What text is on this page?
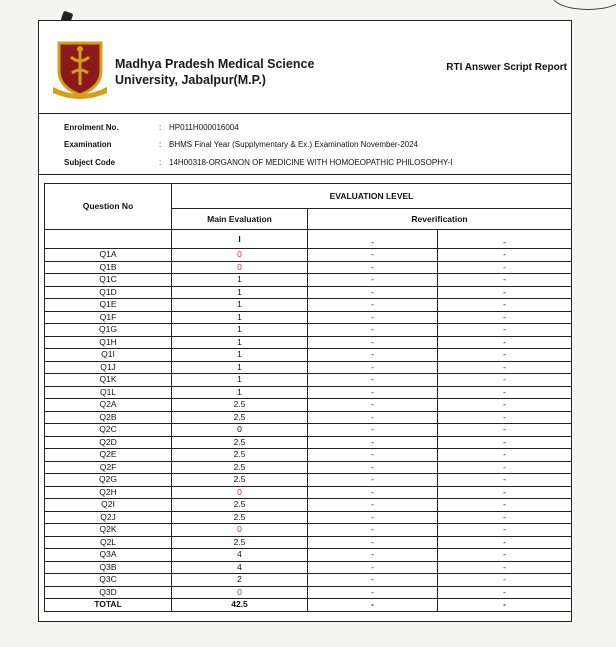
Madhya Pradesh Medical Science
University, Jabalpur(M.P.)
RTI Answer Script Report
Enrolment No.	: HP011H000016004
Examination	: BHMS Final Year (Supplymentary & Ex.) Examination November-2024
Subject Code	: 14H00318-ORGANON OF MEDICINE WITH HOMOEOPATHIC PHILOSOPHY-I
Question No	EVALUATION LEVEL		
	Main Evaluation	Reverification	
	I	-	-
Q1A	0	-	-
Q1B	0	-	-
Q1C	1	-	-
Q1D	1	-	-
Q1E	1	-	-
Q1F	1	-	-
Q1G	1	-	-
Q1H	1	-	-
Q1I	1	-	-
Q1J	1	-	-
Q1K	1	-	-
Q1L	1	-	-
Q2A	2.5	-	-
Q2B	2.5	-	-
Q2C	0	-	-
Q2D	2.5	-	-
Q2E	2.5	-	-
Q2F	2.5	-	-
Q2G	2.5	-	-
Q2H	0	-	-
Q2I	2.5	-	-
Q2J	2.5	-	-
Q2K	0	-	-
Q2L	2.5	-	-
Q3A	4	-	-
Q3B	4	-	-
Q3C	2	-	-
Q3D	0	-	-
TOTAL	42.5	-	-
